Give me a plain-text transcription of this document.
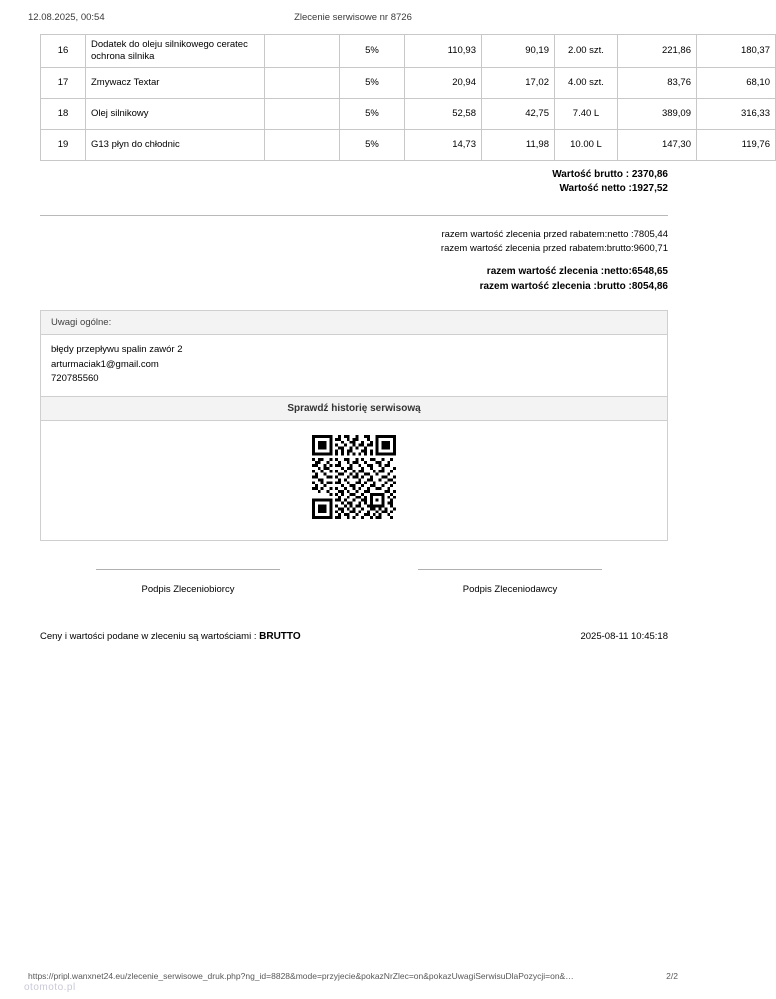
12.08.2025, 00:54	Zlecenie serwisowe nr 8726
16	Dodatek do oleju silnikowego ceratec ochrona silnika		5%	110,93	90,19	2.00 szt.	221,86	180,37
17	Zmywacz Textar		5%	20,94	17,02	4.00 szt.	83,76	68,10
18	Olej silnikowy		5%	52,58	42,75	7.40 L	389,09	316,33
19	G13 płyn do chłodnic		5%	14,73	11,98	10.00 L	147,30	119,76
Wartość brutto : 2370,86
Wartość netto :1927,52
razem wartość zlecenia przed rabatem:netto :7805,44
razem wartość zlecenia przed rabatem:brutto:9600,71
razem wartość zlecenia :netto:6548,65
razem wartość zlecenia :brutto :8054,86
Uwagi ogólne:
błędy przepływu spalin zawór 2
arturmaciak1@gmail.com
720785560
Sprawdź historię serwisową
Podpis Zleceniobiorcy	Podpis Zleceniodawcy
Ceny i wartości podane w zleceniu są wartościami : BRUTTO	2025-08-11 10:45:18
https://pripl.wanxnet24.eu/zlecenie_serwisowe_druk.php?ng_id=8828&mode=przyjecie&pokazNrZlec=on&pokazUwagiSerwisuDlaPozycji=on&…	2/2
otomoto.pl
